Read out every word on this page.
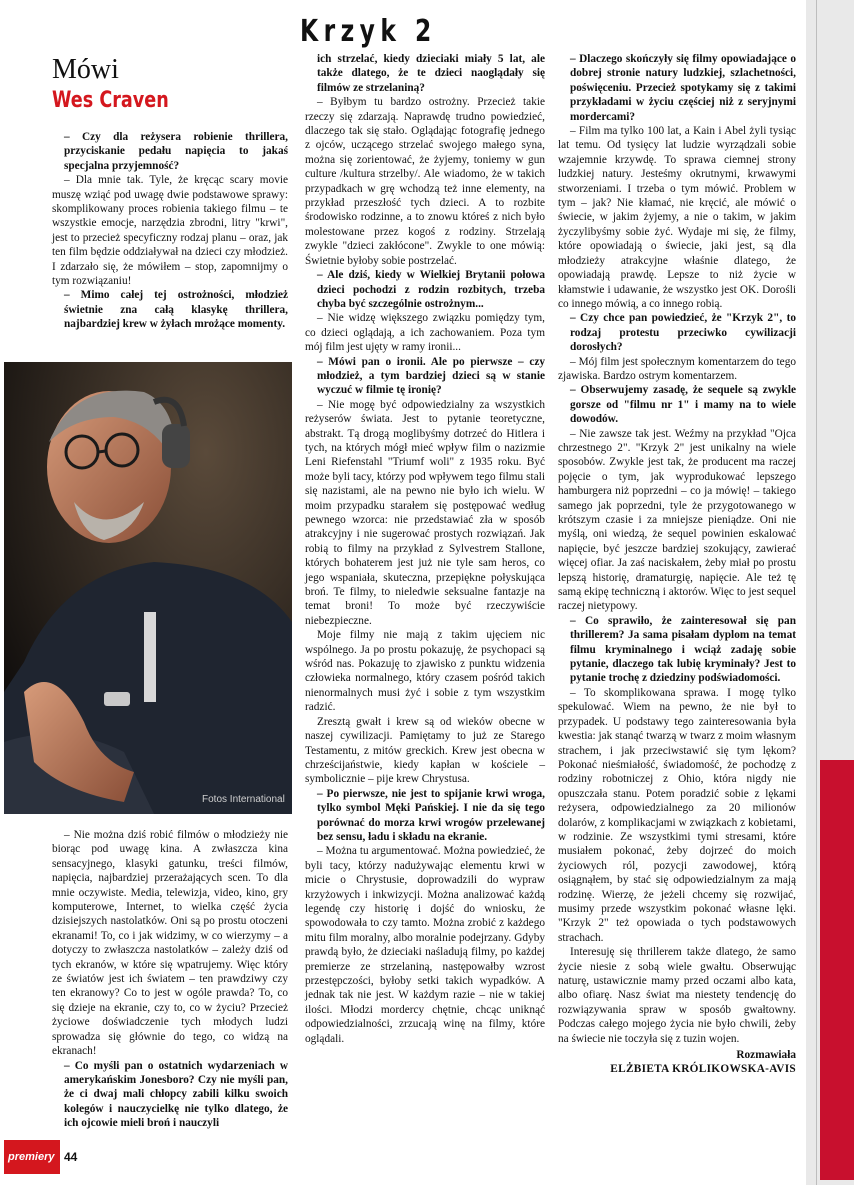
Krzyk 2
Mówi
Wes Craven

– Czy dla reżysera robienie thrillera, przyciskanie pedału napięcia to jakaś specjalna przyjemność?

– Dla mnie tak. Tyle, że kręcąc scary movie muszę wziąć pod uwagę dwie podstawowe sprawy: skomplikowany proces robienia takiego filmu – te wszystkie emocje, narzędzia zbrodni, litry "krwi", jest to przecież specyficzny rodzaj planu – oraz, jak ten film będzie oddziaływał na dzieci czy młodzież. I zdarzało się, że mówiłem – stop, zapomnijmy o tym rozwiązaniu!

– Mimo całej tej ostrożności, młodzież świetnie zna całą klasykę thrillera, najbardziej krew w żyłach mrożące momenty.

Fotos International

– Nie można dziś robić filmów o młodzieży nie biorąc pod uwagę kina. A zwłaszcza kina sensacyjnego, klasyki gatunku, treści filmów, napięcia, najbardziej przerażających scen. To dla mnie oczywiste. Media, telewizja, video, kino, gry komputerowe, Internet, to wielka część życia dzisiejszych nastolatków. Oni są po prostu otoczeni ekranami! To, co i jak widzimy, w co wierzymy – a dotyczy to zwłaszcza nastolatków – zależy dziś od tych ekranów, w które się wpatrujemy. Więc który ze światów jest ich światem – ten prawdziwy czy ten ekranowy? Co to jest w ogóle prawda? To, co się dzieje na ekranie, czy to, co w życiu? Przecież życiowe doświadczenie tych młodych ludzi sprowadza się głównie do tego, co widzą na ekranach!

– Co myśli pan o ostatnich wydarzeniach w amerykańskim Jonesboro? Czy nie myśli pan, że ci dwaj mali chłopcy zabili kilku swoich kolegów i nauczycielkę nie tylko dlatego, że ich ojcowie mieli broń i nauczyli

ich strzelać, kiedy dzieciaki miały 5 lat, ale także dlatego, że te dzieci naoglądały się filmów ze strzelaniną?

– Byłbym tu bardzo ostrożny. Przecież takie rzeczy się zdarzają. Naprawdę trudno powiedzieć, dlaczego tak się stało. Oglądając fotografię jednego z ojców, uczącego strzelać swojego małego syna, można się zorientować, że żyjemy, toniemy w gun culture /kultura strzelby/. Ale wiadomo, że w takich przypadkach w grę wchodzą też inne elementy, na przykład przeszłość tych dzieci. A to rozbite środowisko rodzinne, a to znowu któreś z nich było molestowane przez kogoś z rodziny. Strzelają zwykle "dzieci zakłócone". Zwykle to one mówią: Świetnie byłoby sobie postrzelać.

– Ale dziś, kiedy w Wielkiej Brytanii połowa dzieci pochodzi z rodzin rozbitych, trzeba chyba być szczególnie ostrożnym...

– Nie widzę większego związku pomiędzy tym, co dzieci oglądają, a ich zachowaniem. Poza tym mój film jest ujęty w ramy ironii...

– Mówi pan o ironii. Ale po pierwsze – czy młodzież, a tym bardziej dzieci są w stanie wyczuć w filmie tę ironię?

– Nie mogę być odpowiedzialny za wszystkich reżyserów świata. Jest to pytanie teoretyczne, abstrakt. Tą drogą moglibyśmy dotrzeć do Hitlera i tych, na których mógł mieć wpływ film o nazizmie Leni Riefenstahl "Triumf woli" z 1935 roku. Być może byli tacy, którzy pod wpływem tego filmu stali się nazistami, ale na pewno nie było ich wielu. W moim przypadku starałem się postępować według pewnego wzorca: nie przedstawiać zła w sposób atrakcyjny i nie sugerować prostych rozwiązań. Jak robią to filmy na przykład z Sylvestrem Stallone, których bohaterem jest już nie tyle sam heros, co jego wspaniała, skuteczna, przepiękne połyskująca broń. Te filmy, to nieledwie seksualne fantazje na temat broni! To może być rzeczywiście niebezpieczne.

Moje filmy nie mają z takim ujęciem nic wspólnego. Ja po prostu pokazuję, że psychopaci są wśród nas. Pokazuję to zjawisko z punktu widzenia człowieka normalnego, który czasem pośród takich nienormalnych musi żyć i sobie z tym wszystkim radzić.

Zresztą gwałt i krew są od wieków obecne w naszej cywilizacji. Pamiętamy to już ze Starego Testamentu, z mitów greckich. Krew jest obecna w chrześcijaństwie, kiedy kapłan w kościele – symbolicznie – pije krew Chrystusa.

– Po pierwsze, nie jest to spijanie krwi wroga, tylko symbol Męki Pańskiej. I nie da się tego porównać do morza krwi wrogów przelewanej bez sensu, ładu i składu na ekranie.

– Można tu argumentować. Można powiedzieć, że byli tacy, którzy nadużywając elementu krwi w micie o Chrystusie, doprowadzili do wypraw krzyżowych i inkwizycji. Można analizować każdą legendę czy historię i dojść do wniosku, że spowodowała to czy tamto. Można zrobić z każdego mitu film moralny, albo moralnie podejrzany. Gdyby prawdą było, że dzieciaki naśladują filmy, po każdej premierze ze strzelaniną, następowałby wzrost przestępczości, byłoby setki takich wypadków. A jednak tak nie jest. W każdym razie – nie w takiej ilości. Młodzi mordercy chętnie, chcąc uniknąć odpowiedzialności, zrzucają winę na filmy, które oglądali.

– Dlaczego skończyły się filmy opowiadające o dobrej stronie natury ludzkiej, szlachetności, poświęceniu. Przecież spotykamy się z takimi przykładami w życiu częściej niż z seryjnymi mordercami?

– Film ma tylko 100 lat, a Kain i Abel żyli tysiąc lat temu. Od tysięcy lat ludzie wyrządzali sobie wzajemnie krzywdę. To sprawa ciemnej strony ludzkiej natury. Jesteśmy okrutnymi, krwawymi stworzeniami. I trzeba o tym mówić. Problem w tym – jak? Nie kłamać, nie kręcić, ale mówić o świecie, w jakim żyjemy, a nie o takim, w jakim życzylibyśmy sobie żyć. Wydaje mi się, że filmy, które opowiadają o świecie, jaki jest, są dla młodzieży atrakcyjne właśnie dlatego, że opowiadają prawdę. Lepsze to niż życie w kłamstwie i udawanie, że wszystko jest OK. Dorośli co innego mówią, a co innego robią.

– Czy chce pan powiedzieć, że "Krzyk 2", to rodzaj protestu przeciwko cywilizacji dorosłych?

– Mój film jest społecznym komentarzem do tego zjawiska. Bardzo ostrym komentarzem.

– Obserwujemy zasadę, że sequele są zwykle gorsze od "filmu nr 1" i mamy na to wiele dowodów.

– Nie zawsze tak jest. Weźmy na przykład "Ojca chrzestnego 2". "Krzyk 2" jest unikalny na wiele sposobów. Zwykle jest tak, że producent ma raczej pojęcie o tym, jak wyprodukować lepszego hamburgera niż poprzedni – co ja mówię! – takiego samego jak poprzedni, tyle że przygotowanego w krótszym czasie i za mniejsze pieniądze. Oni nie myślą, oni wiedzą, że sequel powinien eskalować napięcie, być jeszcze bardziej szokujący, zawierać więcej ofiar. Ja zaś naciskałem, żeby miał po prostu lepszą historię, dramaturgię, napięcie. Ale też tę samą ekipę techniczną i aktorów. Więc to jest sequel raczej nietypowy.

– Co sprawiło, że zainteresował się pan thrillerem? Ja sama pisałam dyplom na temat filmu kryminalnego i wciąż zadaję sobie pytanie, dlaczego tak lubię kryminały? Jest to pytanie trochę z dziedziny podświadomości.

– To skomplikowana sprawa. I mogę tylko spekulować. Wiem na pewno, że nie był to przypadek. U podstawy tego zainteresowania była kwestia: jak stanąć twarzą w twarz z moim własnym strachem, i jak przeciwstawić się tym lękom? Pokonać nieśmiałość, świadomość, że pochodzę z rodziny robotniczej z Ohio, która nigdy nie opuszczała stanu. Potem poradzić sobie z lękami reżysera, odpowiedzialnego za 20 milionów dolarów, z komplikacjami w związkach z kobietami, w rodzinie. Ze wszystkimi tymi stresami, które musiałem pokonać, żeby dojrzeć do moich życiowych ról, pozycji zawodowej, którą osiągnąłem, by stać się odpowiedzialnym za mają rodzinę. Wierzę, że jeżeli chcemy się rozwijać, musimy przede wszystkim pokonać własne lęki. "Krzyk 2" też opowiada o tych podstawowych strachach.

Interesuję się thrillerem także dlatego, że samo życie niesie z sobą wiele gwałtu. Obserwując naturę, ustawicznie mamy przed oczami albo kata, albo ofiarę. Nasz świat ma niestety tendencję do rozwiązywania spraw w sposób gwałtowny. Podczas całego mojego życia nie było chwili, żeby na świecie nie toczyła się z tuzin wojen.

Rozmawiała

ELŻBIETA KRÓLIKOWSKA-AVIS

premiery 44
